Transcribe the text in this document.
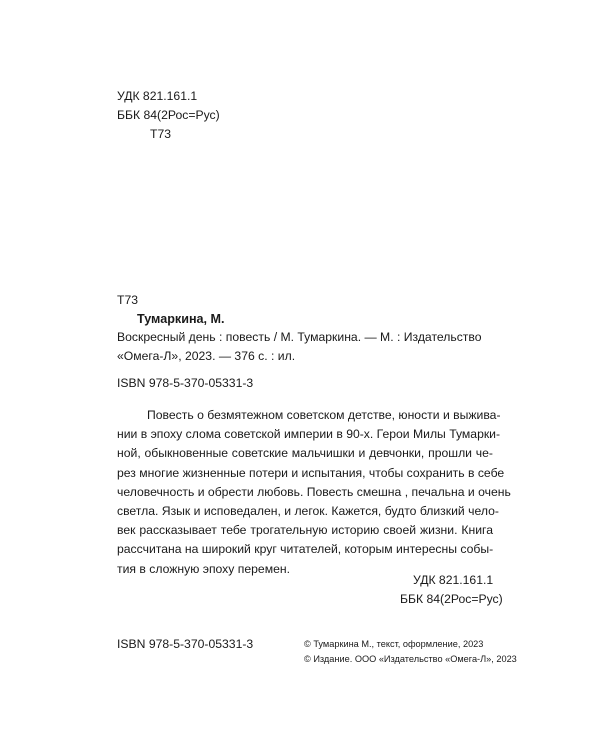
УДК 821.161.1
ББК 84(2Рос=Рус)
Т73
Т73
Тумаркина, М.
Воскресный день : повесть / М. Тумаркина. — М. : Издательство
«Омега-Л», 2023. — 376 с. : ил.
ISBN 978-5-370-05331-3
Повесть о безмятежном советском детстве, юности и выжива-
нии в эпоху слома советской империи в 90-х. Герои Милы Тумарки-
ной, обыкновенные советские мальчишки и девчонки, прошли че-
рез многие жизненные потери и испытания, чтобы сохранить в себе
человечность и обрести любовь. Повесть смешна , печальна и очень
светла. Язык и исповедален, и легок. Кажется, будто близкий чело-
век рассказывает тебе трогательную историю своей жизни. Книга
рассчитана на широкий круг читателей, которым интересны собы-
тия в сложную эпоху перемен.
УДК 821.161.1
ББК 84(2Рос=Рус)
ISBN 978-5-370-05331-3	© Тумаркина М., текст, оформление, 2023
© Издание. ООО «Издательство «Омега-Л», 2023
